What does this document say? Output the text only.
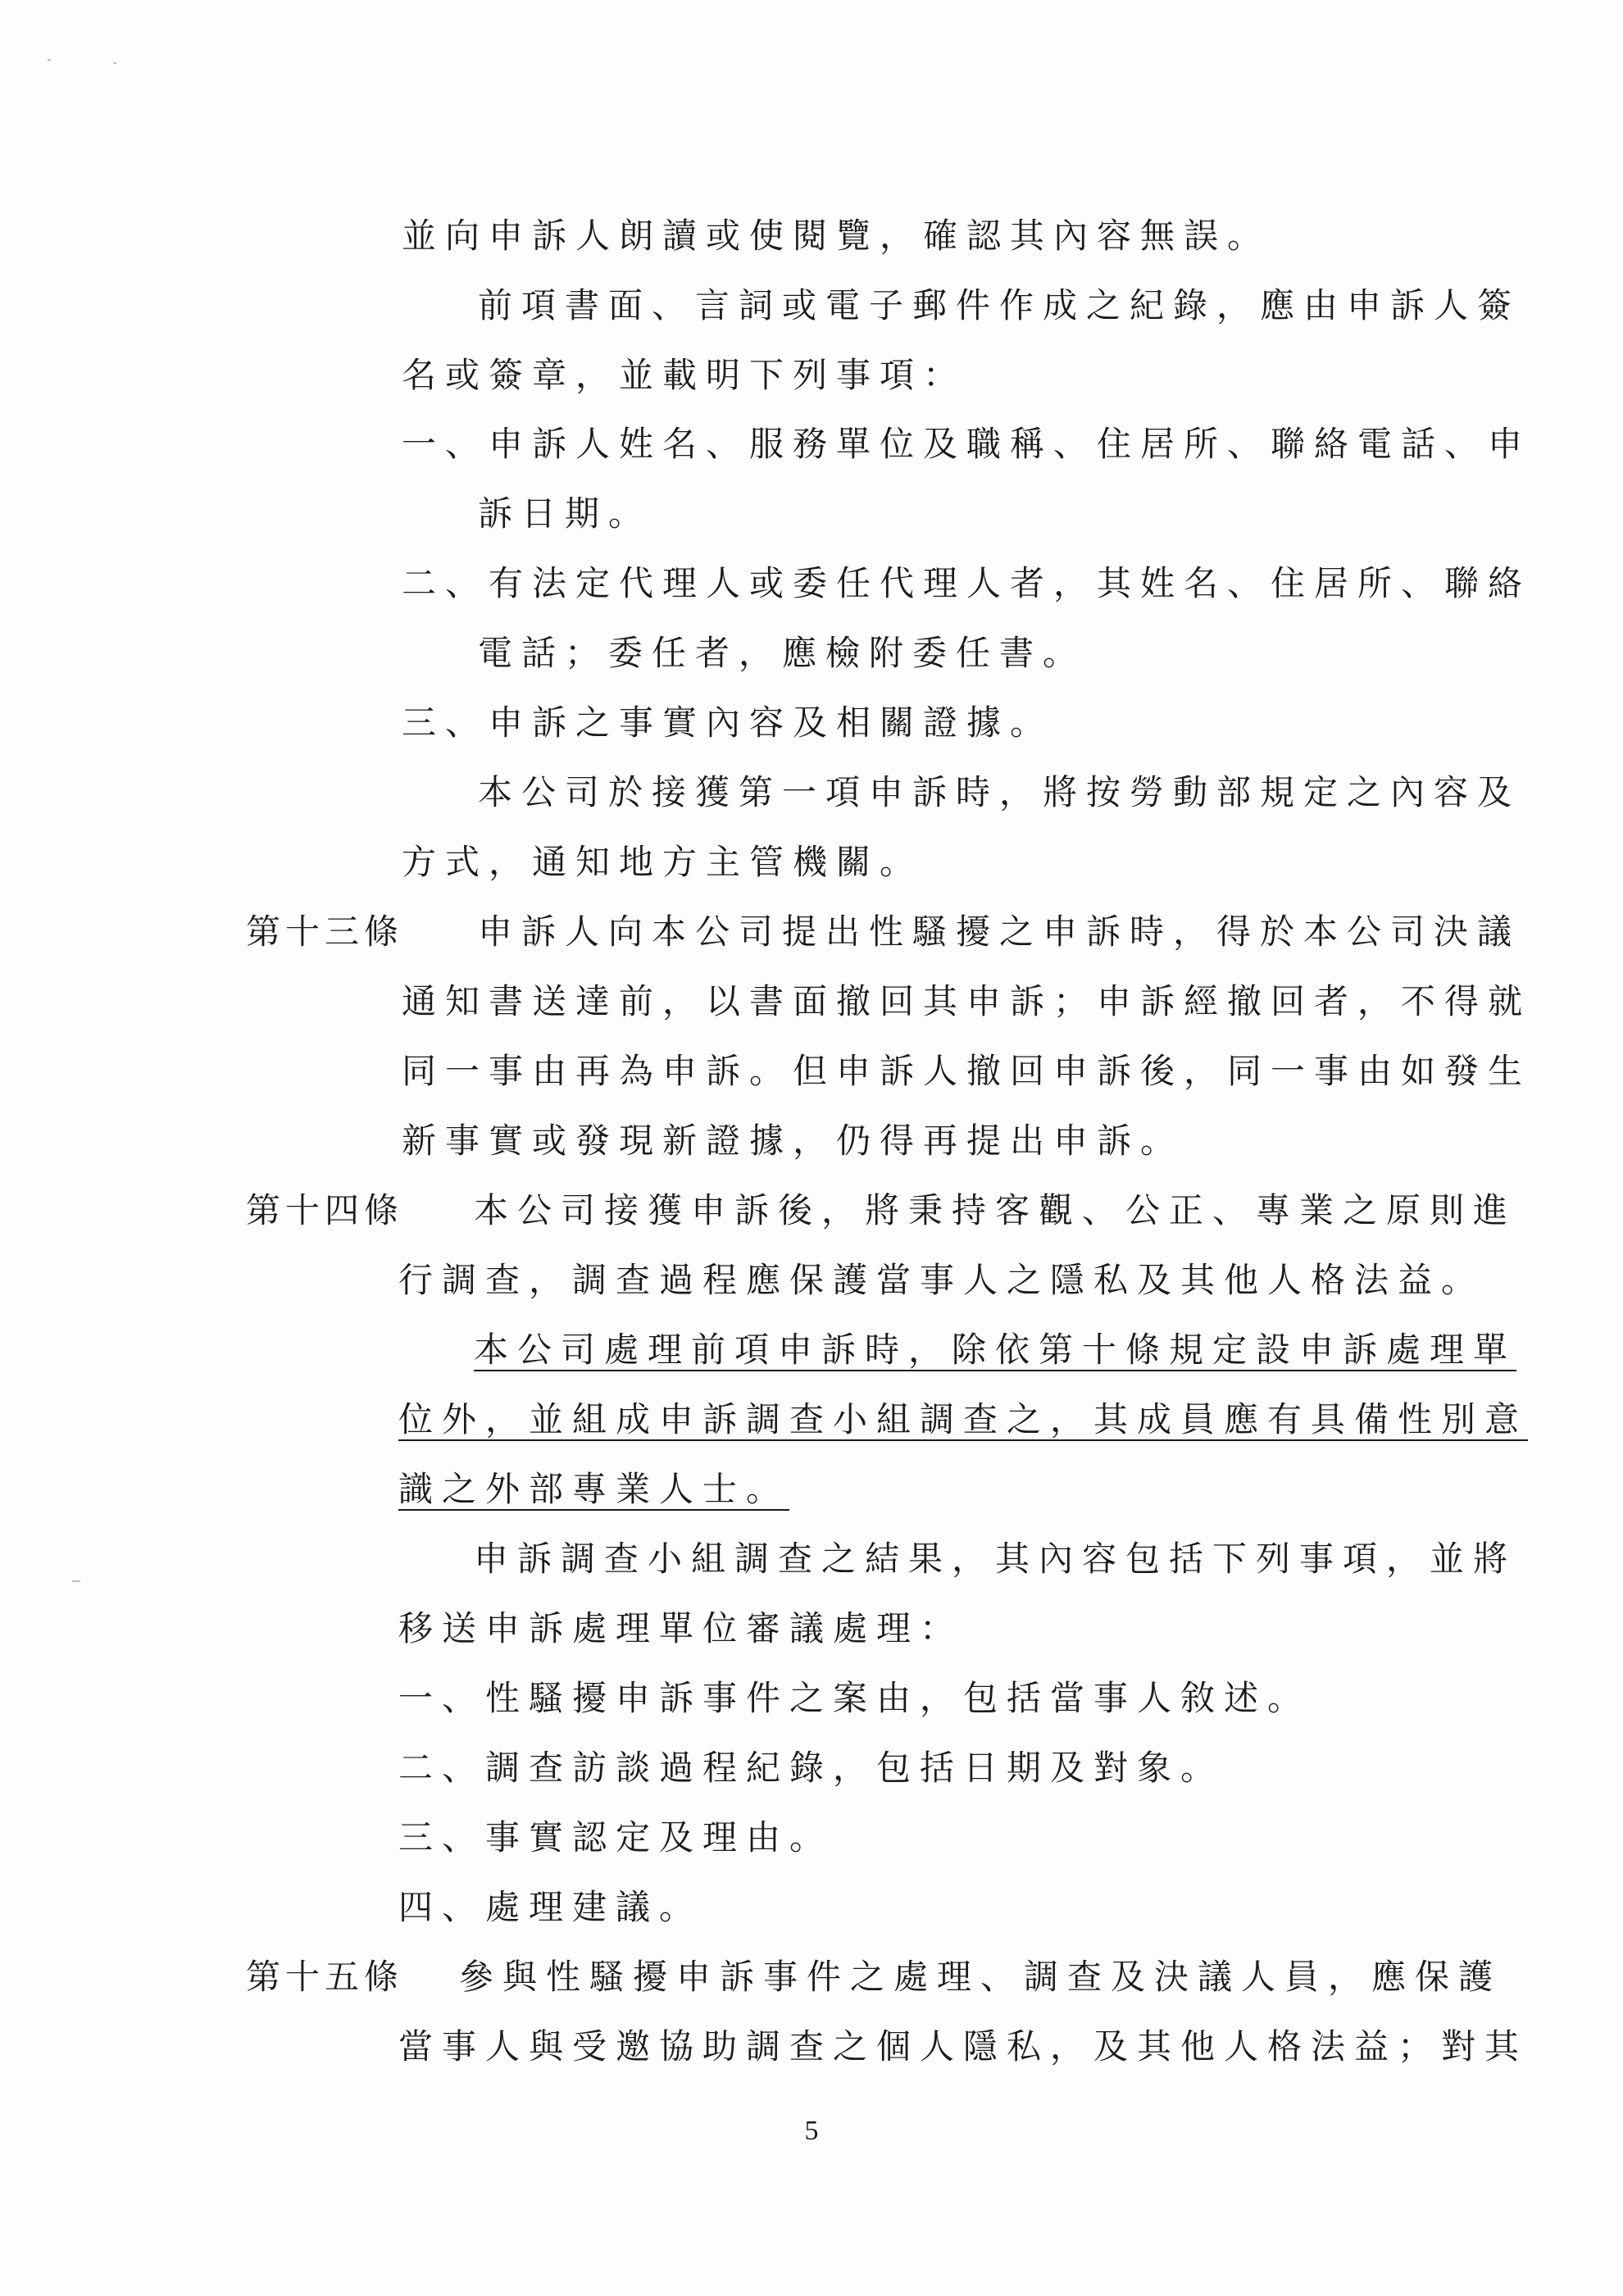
並向申訴人朗讀或使閱覽，確認其內容無誤。
前項書面、言詞或電子郵件作成之紀錄，應由申訴人簽
名或簽章，並載明下列事項：
一、申訴人姓名、服務單位及職稱、住居所、聯絡電話、申
訴日期。
二、有法定代理人或委任代理人者，其姓名、住居所、聯絡
電話；委任者，應檢附委任書。
三、申訴之事實內容及相關證據。
本公司於接獲第一項申訴時，將按勞動部規定之內容及
方式，通知地方主管機關。
第十三條 申訴人向本公司提出性騷擾之申訴時，得於本公司決議
通知書送達前，以書面撤回其申訴；申訴經撤回者，不得就
同一事由再為申訴。但申訴人撤回申訴後，同一事由如發生
新事實或發現新證據，仍得再提出申訴。
第十四條 本公司接獲申訴後，將秉持客觀、公正、專業之原則進
行調查，調查過程應保護當事人之隱私及其他人格法益。
本公司處理前項申訴時，除依第十條規定設申訴處理單
位外，並組成申訴調查小組調查之，其成員應有具備性別意
識之外部專業人士。
申訴調查小組調查之結果，其內容包括下列事項，並將
移送申訴處理單位審議處理：
一、性騷擾申訴事件之案由，包括當事人敘述。
二、調查訪談過程紀錄，包括日期及對象。
三、事實認定及理由。
四、處理建議。
第十五條 參與性騷擾申訴事件之處理、調查及決議人員，應保護
當事人與受邀協助調查之個人隱私，及其他人格法益；對其
5
